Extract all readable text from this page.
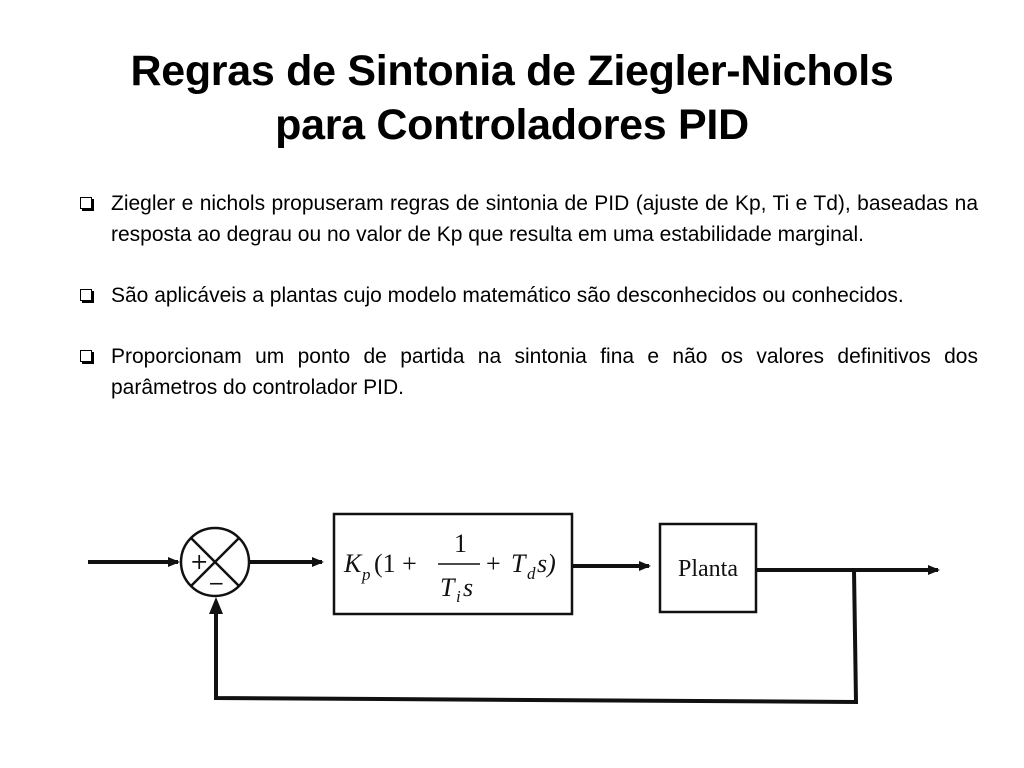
Regras de Sintonia de Ziegler-Nichols
para Controladores PID
Ziegler e nichols propuseram regras de sintonia de PID (ajuste de Kp, Ti e Td), baseadas na resposta ao degrau ou no valor de Kp que resulta em uma estabilidade marginal.
São aplicáveis a plantas cujo modelo matemático são desconhecidos ou conhecidos.
Proporcionam um ponto de partida na sintonia fina e não os valores definitivos dos parâmetros do controlador PID.
+
−
K p (1 +
1
T i s
+ T d s)	Planta
